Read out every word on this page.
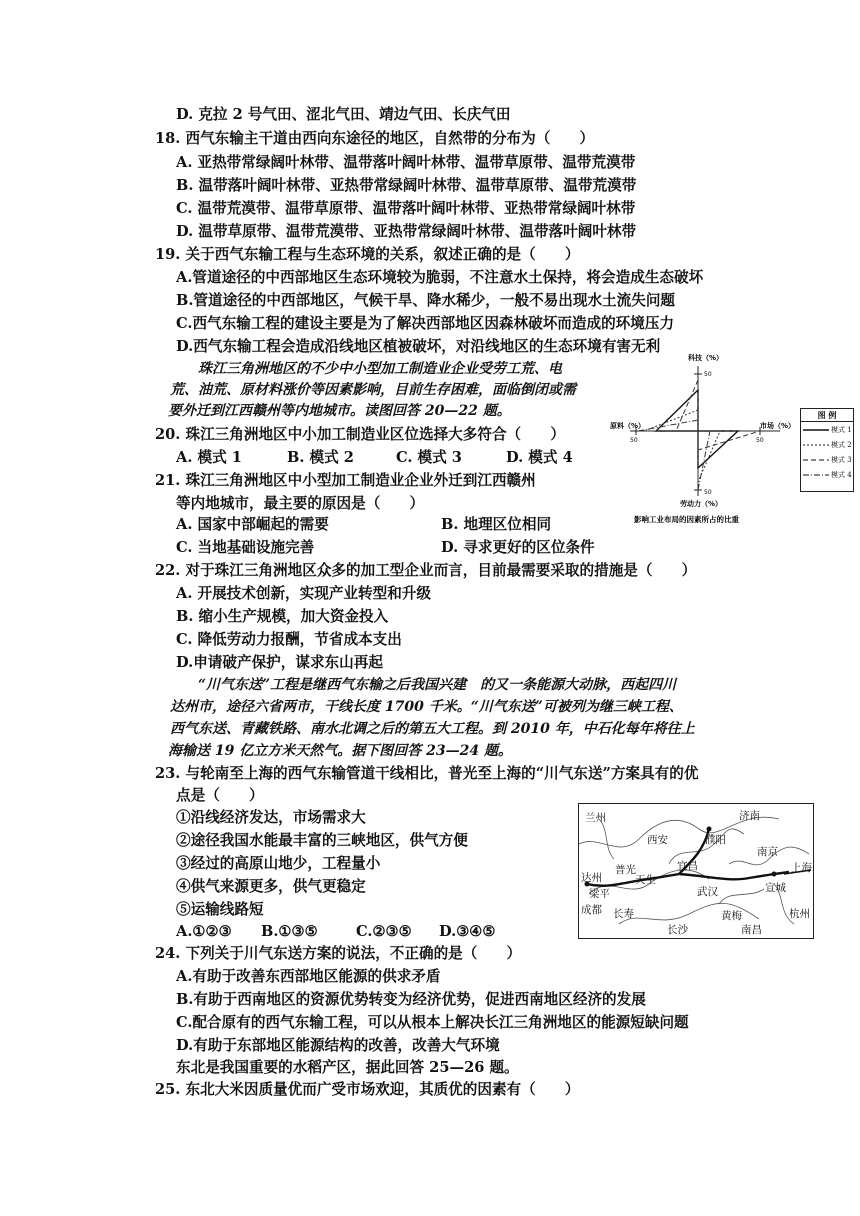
D. 克拉 2 号气田、涩北气田、靖边气田、长庆气田
18. 西气东输主干道由西向东途径的地区，自然带的分布为（　　）
A. 亚热带常绿阔叶林带、温带落叶阔叶林带、温带草原带、温带荒漠带
B. 温带落叶阔叶林带、亚热带常绿阔叶林带、温带草原带、温带荒漠带
C. 温带荒漠带、温带草原带、温带落叶阔叶林带、亚热带常绿阔叶林带
D. 温带草原带、温带荒漠带、亚热带常绿阔叶林带、温带落叶阔叶林带
19. 关于西气东输工程与生态环境的关系，叙述正确的是（　　）
A.管道途径的中西部地区生态环境较为脆弱，不注意水土保持，将会造成生态破坏
B.管道途径的中西部地区，气候干旱、降水稀少，一般不易出现水土流失问题
C.西气东输工程的建设主要是为了解决西部地区因森林破坏而造成的环境压力
D.西气东输工程会造成沿线地区植被破坏，对沿线地区的生态环境有害无利
珠江三角洲地区的不少中小型加工制造业企业受劳工荒、电
荒、油荒、原材料涨价等因素影响，目前生存困难，面临倒闭或需
要外迁到江西赣州等内地城市。读图回答 20—22 题。
20. 珠江三角洲地区中小加工制造业区位选择大多符合（　　）
A. 模式 1	B. 模式 2	C. 模式 3	D. 模式 4
21. 珠江三角洲地区中小型加工制造业企业外迁到江西赣州
等内地城市，最主要的原因是（　　）
A. 国家中部崛起的需要	B. 地理区位相同
C. 当地基础设施完善	D. 寻求更好的区位条件
22. 对于珠江三角洲地区众多的加工型企业而言，目前最需要采取的措施是（　　）
A. 开展技术创新，实现产业转型和升级
B. 缩小生产规模，加大资金投入
C. 降低劳动力报酬，节省成本支出
D.申请破产保护，谋求东山再起
“川气东送”工程是继西气东输之后我国兴建　的又一条能源大动脉，西起四川
达州市，途径六省两市，干线长度 1700 千米。“川气东送”可被列为继三峡工程、
西气东送、青藏铁路、南水北调之后的第五大工程。到 2010 年，中石化每年将往上
海输送 19 亿立方米天然气。据下图回答 23—24 题。
23. 与轮南至上海的西气东输管道干线相比，普光至上海的“川气东送”方案具有的优
点是（　　）
①沿线经济发达，市场需求大
②途径我国水能最丰富的三峡地区，供气方便
③经过的高原山地少，工程量小
④供气来源更多，供气更稳定
⑤运输线路短
A.①②③ B.①③⑤	C.②③⑤ D.③④⑤
24. 下列关于川气东送方案的说法，不正确的是（　　）
A.有助于改善东西部地区能源的供求矛盾
B.有助于西南地区的资源优势转变为经济优势，促进西南地区经济的发展
C.配合原有的西气东输工程，可以从根本上解决长江三角洲地区的能源短缺问题
D.有助于东部地区能源结构的改善，改善大气环境
东北是我国重要的水稻产区，据此回答 25—26 题。
25. 东北大米因质量优而广受市场欢迎，其质优的因素有（　　）
科技（%）
原料（%）	市场（%）
劳动力（%）
50
50
50	50
影响工业布局的因素所占的比重
图 例
模式 1
模式 2
模式 3
模式 4
兰州
西安	濮阳
济南
南京
上海
达州
普光
天生
宜昌
武汉	宣城
梁平
成都 长寿	黄梅	杭州
长沙	南昌
